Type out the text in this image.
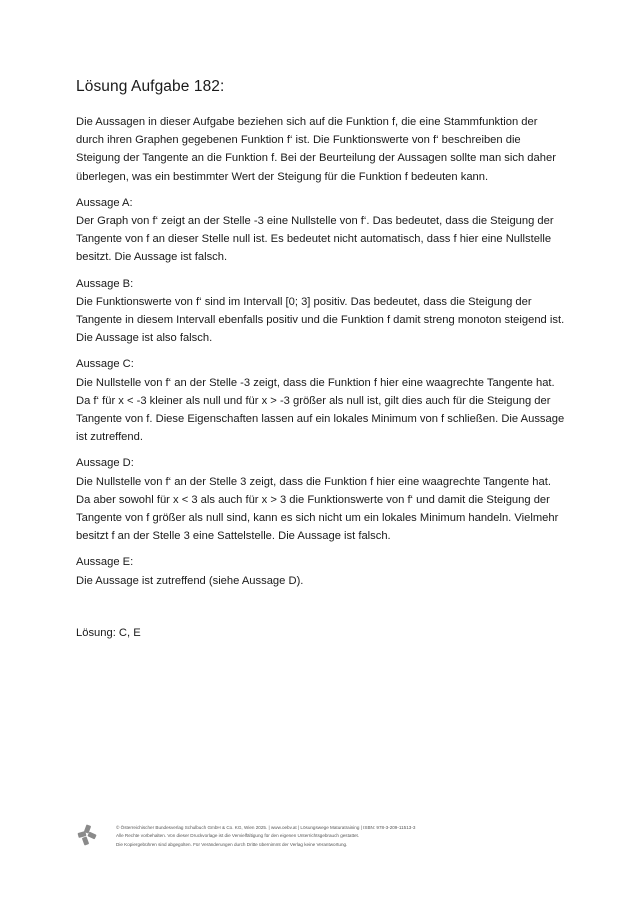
Lösung Aufgabe 182:

Die Aussagen in dieser Aufgabe beziehen sich auf die Funktion f, die eine Stammfunktion der durch ihren Graphen gegebenen Funktion f‘ ist. Die Funktionswerte von f‘ beschreiben die Steigung der Tangente an die Funktion f. Bei der Beurteilung der Aussagen sollte man sich daher überlegen, was ein bestimmter Wert der Steigung für die Funktion f bedeuten kann.

Aussage A:
Der Graph von f‘ zeigt an der Stelle -3 eine Nullstelle von f‘. Das bedeutet, dass die Steigung der Tangente von f an dieser Stelle null ist. Es bedeutet nicht automatisch, dass f hier eine Nullstelle besitzt. Die Aussage ist falsch.
Aussage B:
Die Funktionswerte von f‘ sind im Intervall [0; 3] positiv. Das bedeutet, dass die Steigung der Tangente in diesem Intervall ebenfalls positiv und die Funktion f damit streng monoton steigend ist. Die Aussage ist also falsch.
Aussage C:
Die Nullstelle von f‘ an der Stelle -3 zeigt, dass die Funktion f hier eine waagrechte Tangente hat. Da f‘ für x < -3 kleiner als null und für x > -3 größer als null ist, gilt dies auch für die Steigung der Tangente von f. Diese Eigenschaften lassen auf ein lokales Minimum von f schließen. Die Aussage ist zutreffend.
Aussage D:
Die Nullstelle von f‘ an der Stelle 3 zeigt, dass die Funktion f hier eine waagrechte Tangente hat. Da aber sowohl für x < 3 als auch für x > 3 die Funktionswerte von f‘ und damit die Steigung der Tangente von f größer als null sind, kann es sich nicht um ein lokales Minimum handeln. Vielmehr besitzt f an der Stelle 3 eine Sattelstelle. Die Aussage ist falsch.
Aussage E:
Die Aussage ist zutreffend (siehe Aussage D).
Lösung: C, E
© Österreichischer Bundesverlag Schulbuch GmbH & Co. KG, Wien 2025. | www.oebv.at | Lösungswege Maturatraining | ISBN: 978-3-209-11513-3
Alle Rechte vorbehalten. Von dieser Druckvorlage ist die Vervielfältigung für den eigenen Unterrichtsgebrauch gestattet.
Die Kopiergebühren sind abgegolten. Für Veränderungen durch Dritte übernimmt der Verlag keine Verantwortung.
